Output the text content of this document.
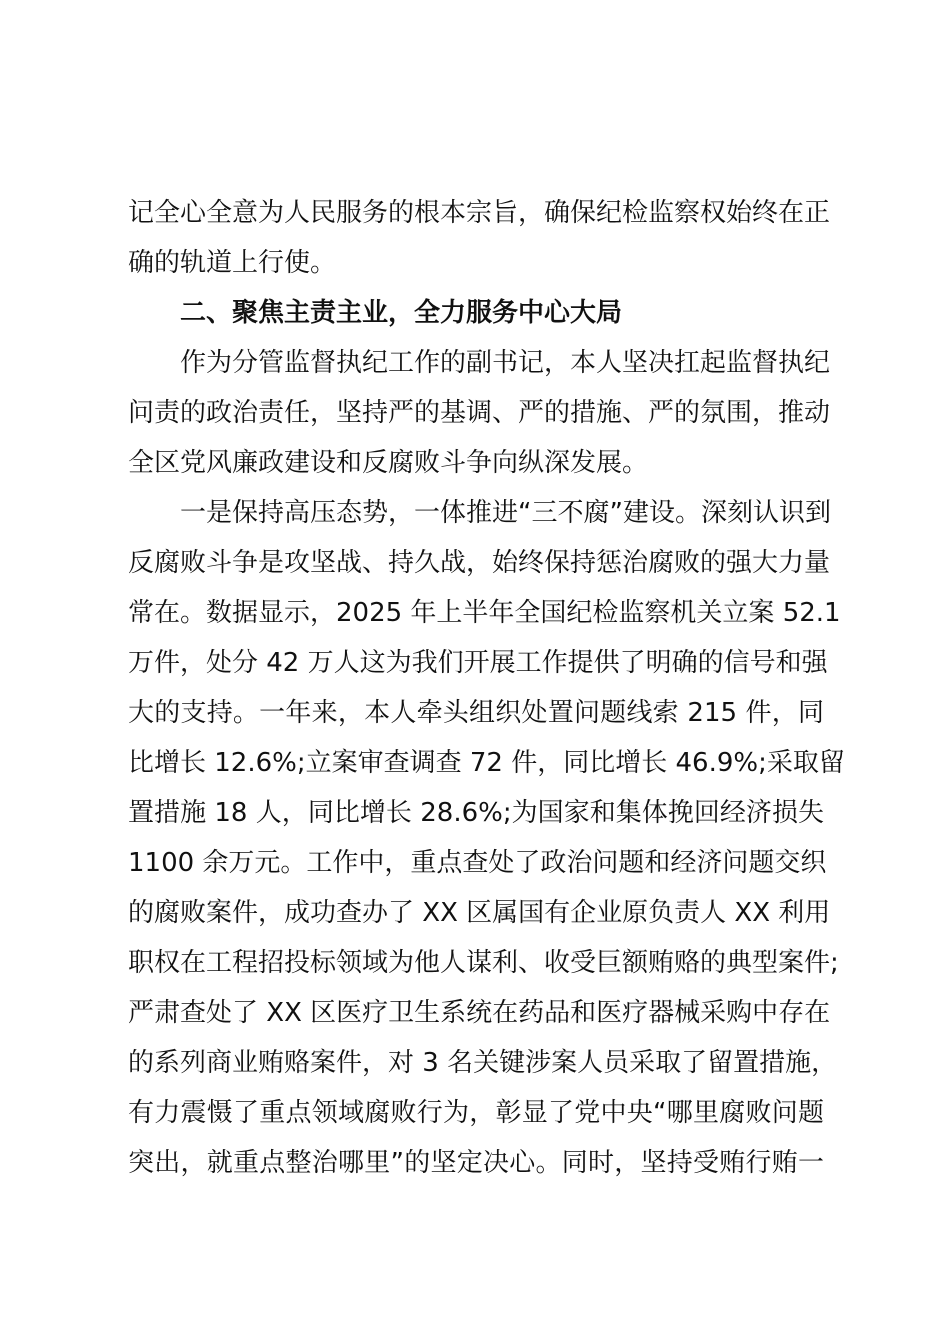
记全心全意为人民服务的根本宗旨，确保纪检监察权始终在正
确的轨道上行使。
二、聚焦主责主业，全力服务中心大局
作为分管监督执纪工作的副书记，本人坚决扛起监督执纪
问责的政治责任，坚持严的基调、严的措施、严的氛围，推动
全区党风廉政建设和反腐败斗争向纵深发展。
一是保持高压态势，一体推进“三不腐”建设。深刻认识到
反腐败斗争是攻坚战、持久战，始终保持惩治腐败的强大力量
常在。数据显示，2025 年上半年全国纪检监察机关立案 52.1
万件，处分 42 万人这为我们开展工作提供了明确的信号和强
大的支持。一年来，本人牵头组织处置问题线索 215 件，同
比增长 12.6%;立案审查调查 72 件，同比增长 46.9%;采取留
置措施 18 人，同比增长 28.6%;为国家和集体挽回经济损失
1100 余万元。工作中，重点查处了政治问题和经济问题交织
的腐败案件，成功查办了 XX 区属国有企业原负责人 XX 利用
职权在工程招投标领域为他人谋利、收受巨额贿赂的典型案件;
严肃查处了 XX 区医疗卫生系统在药品和医疗器械采购中存在
的系列商业贿赂案件，对 3 名关键涉案人员采取了留置措施，
有力震慑了重点领域腐败行为，彰显了党中央“哪里腐败问题
突出，就重点整治哪里”的坚定决心。同时，坚持受贿行贿一
